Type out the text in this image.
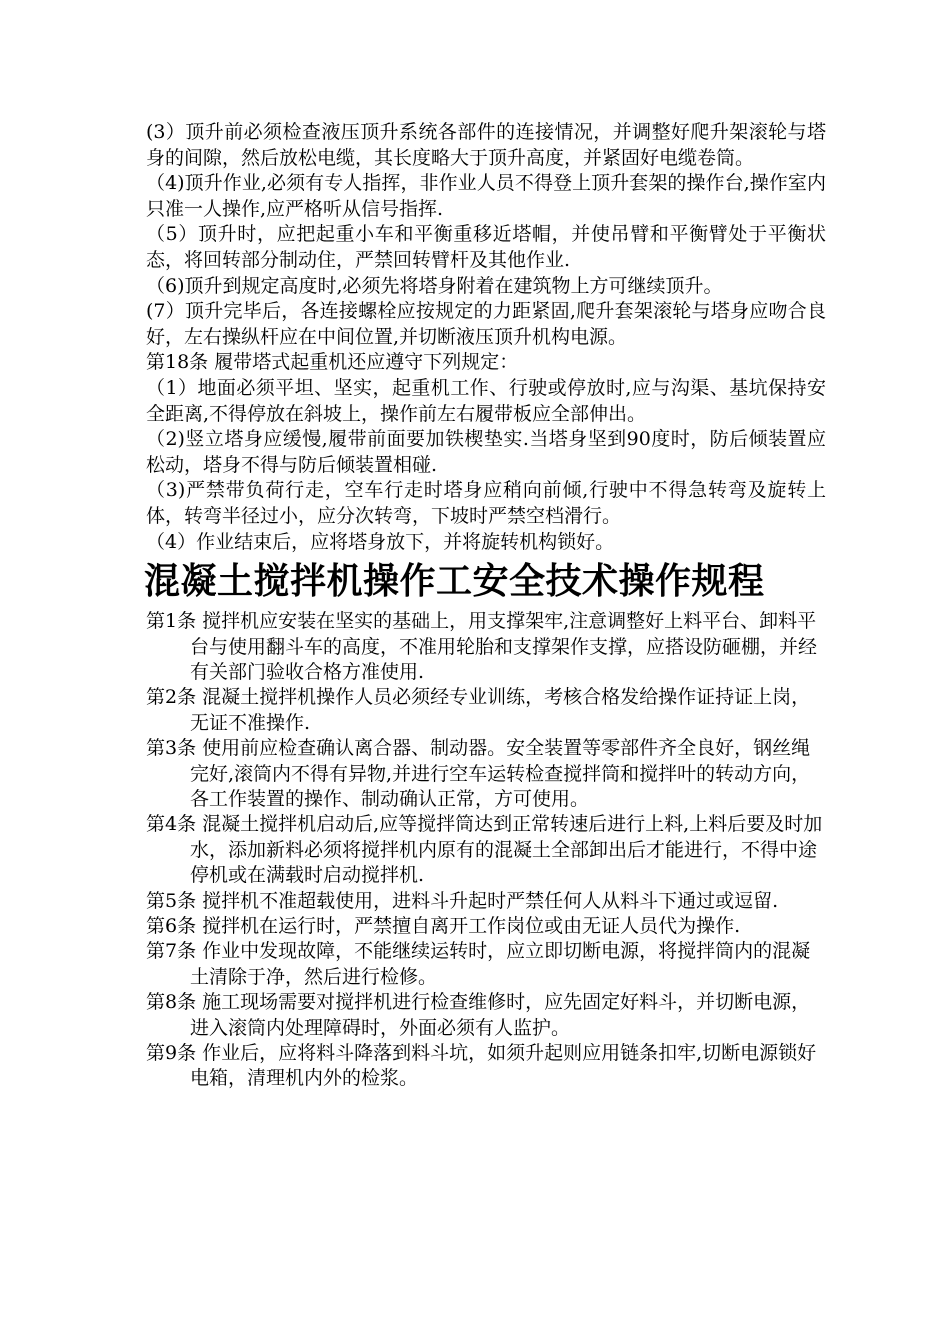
(3）顶升前必须检查液压顶升系统各部件的连接情况，并调整好爬升架滚轮与塔身的间隙，然后放松电缆，其长度略大于顶升高度，并紧固好电缆卷筒。

（4)顶升作业,必须有专人指挥，非作业人员不得登上顶升套架的操作台,操作室内只准一人操作,应严格听从信号指挥.

（5）顶升时，应把起重小车和平衡重移近塔帽，并使吊臂和平衡臂处于平衡状态，将回转部分制动住，严禁回转臂杆及其他作业.

（6)顶升到规定高度时,必须先将塔身附着在建筑物上方可继续顶升。

(7）顶升完毕后，各连接螺栓应按规定的力距紧固,爬升套架滚轮与塔身应吻合良好，左右操纵杆应在中间位置,并切断液压顶升机构电源。

第18条 履带塔式起重机还应遵守下列规定：

（1）地面必须平坦、坚实，起重机工作、行驶或停放时,应与沟渠、基坑保持安全距离,不得停放在斜坡上，操作前左右履带板应全部伸出。

（2)竖立塔身应缓慢,履带前面要加铁楔垫实.当塔身坚到90度时，防后倾装置应松动，塔身不得与防后倾装置相碰.

（3)严禁带负荷行走，空车行走时塔身应稍向前倾,行驶中不得急转弯及旋转上体，转弯半径过小，应分次转弯，下坡时严禁空档滑行。

（4）作业结束后，应将塔身放下，并将旋转机构锁好。

混凝土搅拌机操作工安全技术操作规程

第1条 搅拌机应安装在坚实的基础上，用支撑架牢,注意调整好上料平台、卸料平台与使用翻斗车的高度，不准用轮胎和支撑架作支撑，应搭设防砸棚，并经有关部门验收合格方准使用.

第2条 混凝土搅拌机操作人员必须经专业训练，考核合格发给操作证持证上岗，无证不准操作.

第3条 使用前应检查确认离合器、制动器。安全装置等零部件齐全良好，钢丝绳完好,滚筒内不得有异物,并进行空车运转检查搅拌筒和搅拌叶的转动方向，各工作装置的操作、制动确认正常，方可使用。

第4条 混凝土搅拌机启动后,应等搅拌筒达到正常转速后进行上料,上料后要及时加水，添加新料必须将搅拌机内原有的混凝土全部卸出后才能进行，不得中途停机或在满载时启动搅拌机.

第5条 搅拌机不准超载使用，进料斗升起时严禁任何人从料斗下通过或逗留.

第6条 搅拌机在运行时，严禁擅自离开工作岗位或由无证人员代为操作.

第7条 作业中发现故障，不能继续运转时，应立即切断电源，将搅拌筒内的混凝土清除于净，然后进行检修。

第8条 施工现场需要对搅拌机进行检查维修时，应先固定好料斗，并切断电源，进入滚筒内处理障碍时，外面必须有人监护。

第9条 作业后，应将料斗降落到料斗坑，如须升起则应用链条扣牢,切断电源锁好电箱，清理机内外的检浆。
